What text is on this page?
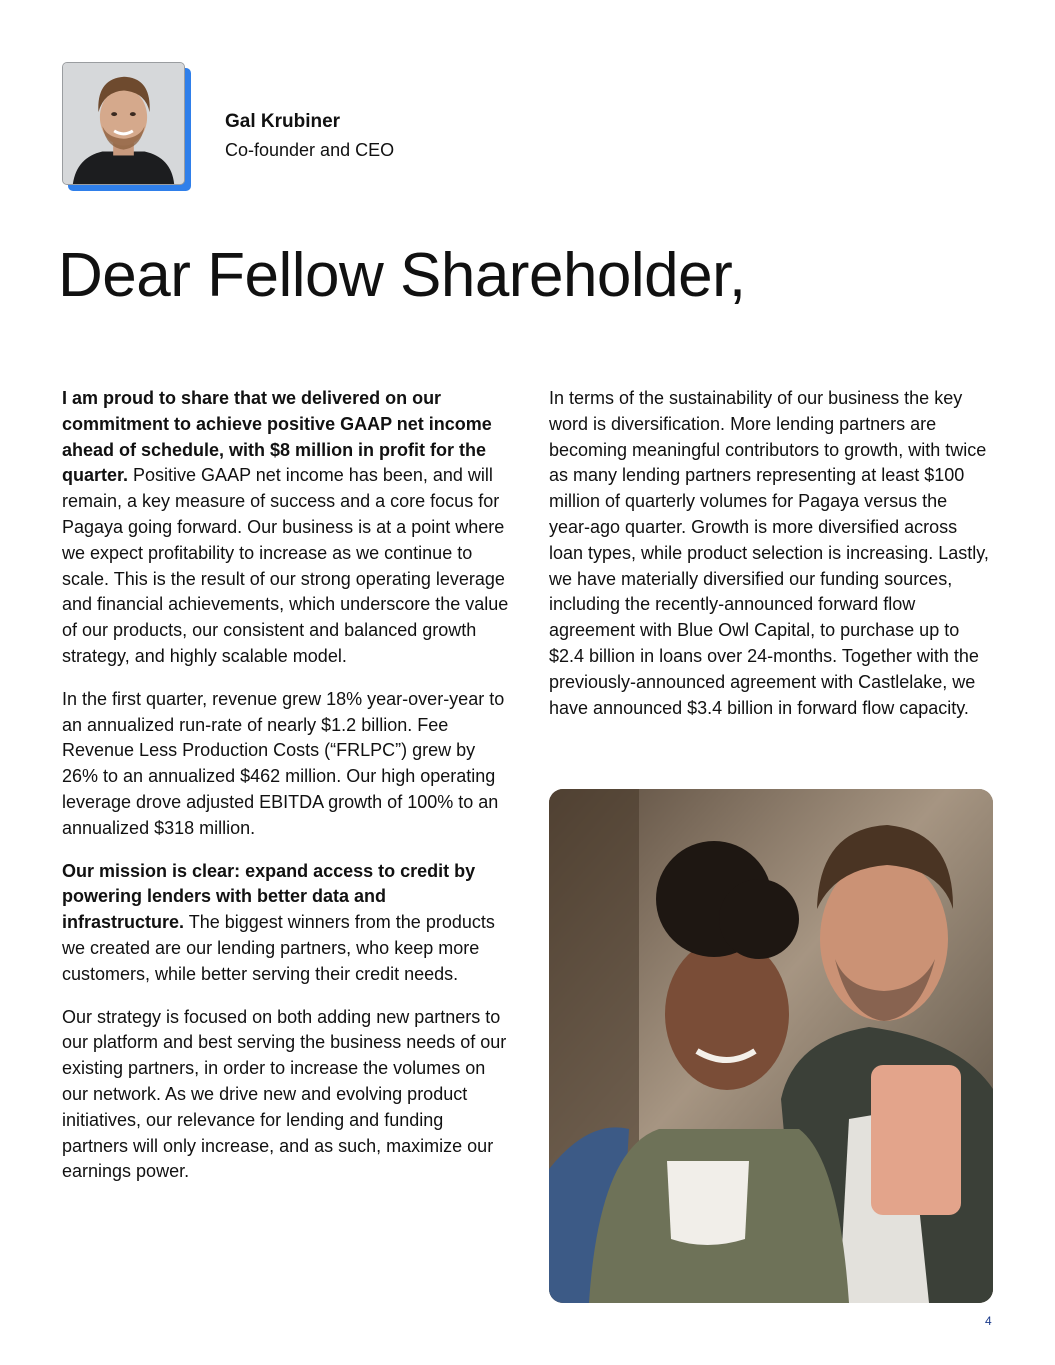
Gal Krubiner
Co-founder and CEO
Dear Fellow Shareholder,

I am proud to share that we delivered on our commitment to achieve positive GAAP net income ahead of schedule, with $8 million in profit for the quarter. Positive GAAP net income has been, and will remain, a key measure of success and a core focus for Pagaya going forward. Our business is at a point where we expect profitability to increase as we continue to scale. This is the result of our strong operating leverage and financial achievements, which underscore the value of our products, our consistent and balanced growth strategy, and highly scalable model.

In the first quarter, revenue grew 18% year-over-year to an annualized run-rate of nearly $1.2 billion. Fee Revenue Less Production Costs (“FRLPC”) grew by 26% to an annualized $462 million. Our high operating leverage drove adjusted EBITDA growth of 100% to an annualized $318 million.

Our mission is clear: expand access to credit by powering lenders with better data and infrastructure. The biggest winners from the products we created are our lending partners, who keep more customers, while better serving their credit needs.

Our strategy is focused on both adding new partners to our platform and best serving the business needs of our existing partners, in order to increase the volumes on our network. As we drive new and evolving product initiatives, our relevance for lending and funding partners will only increase, and as such, maximize our earnings power.

In terms of the sustainability of our business the key word is diversification. More lending partners are becoming meaningful contributors to growth, with twice as many lending partners representing at least $100 million of quarterly volumes for Pagaya versus the year-ago quarter. Growth is more diversified across loan types, while product selection is increasing. Lastly, we have materially diversified our funding sources, including the recently-announced forward flow agreement with Blue Owl Capital, to purchase up to $2.4 billion in loans over 24-months. Together with the previously-announced agreement with Castlelake, we have announced $3.4 billion in forward flow capacity.

4
